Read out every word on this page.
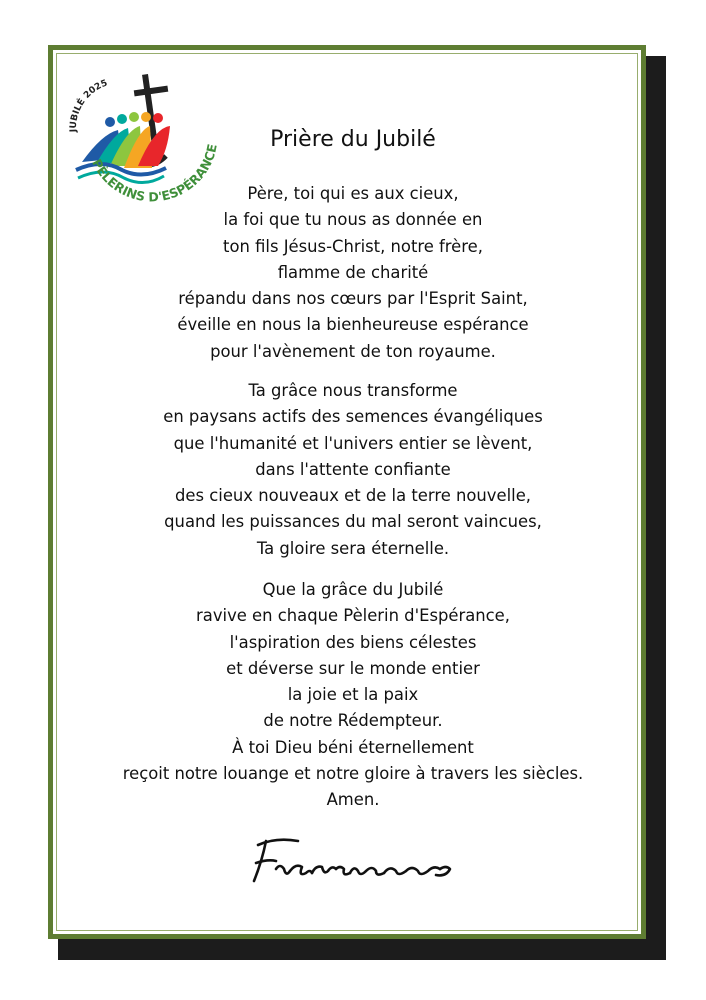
JUBILÉ 2025
PÈLERINS D'ESPÉRANCE	Prière du Jubilé
Père, toi qui es aux cieux,
la foi que tu nous as donnée en
ton fils Jésus-Christ, notre frère,
flamme de charité
répandu dans nos cœurs par l'Esprit Saint,
éveille en nous la bienheureuse espérance
pour l'avènement de ton royaume.
Ta grâce nous transforme
en paysans actifs des semences évangéliques
que l'humanité et l'univers entier se lèvent,
dans l'attente confiante
des cieux nouveaux et de la terre nouvelle,
quand les puissances du mal seront vaincues,
Ta gloire sera éternelle.
Que la grâce du Jubilé
ravive en chaque Pèlerin d'Espérance,
l'aspiration des biens célestes
et déverse sur le monde entier
la joie et la paix
de notre Rédempteur.
À toi Dieu béni éternellement
reçoit notre louange et notre gloire à travers les siècles.
Amen.
